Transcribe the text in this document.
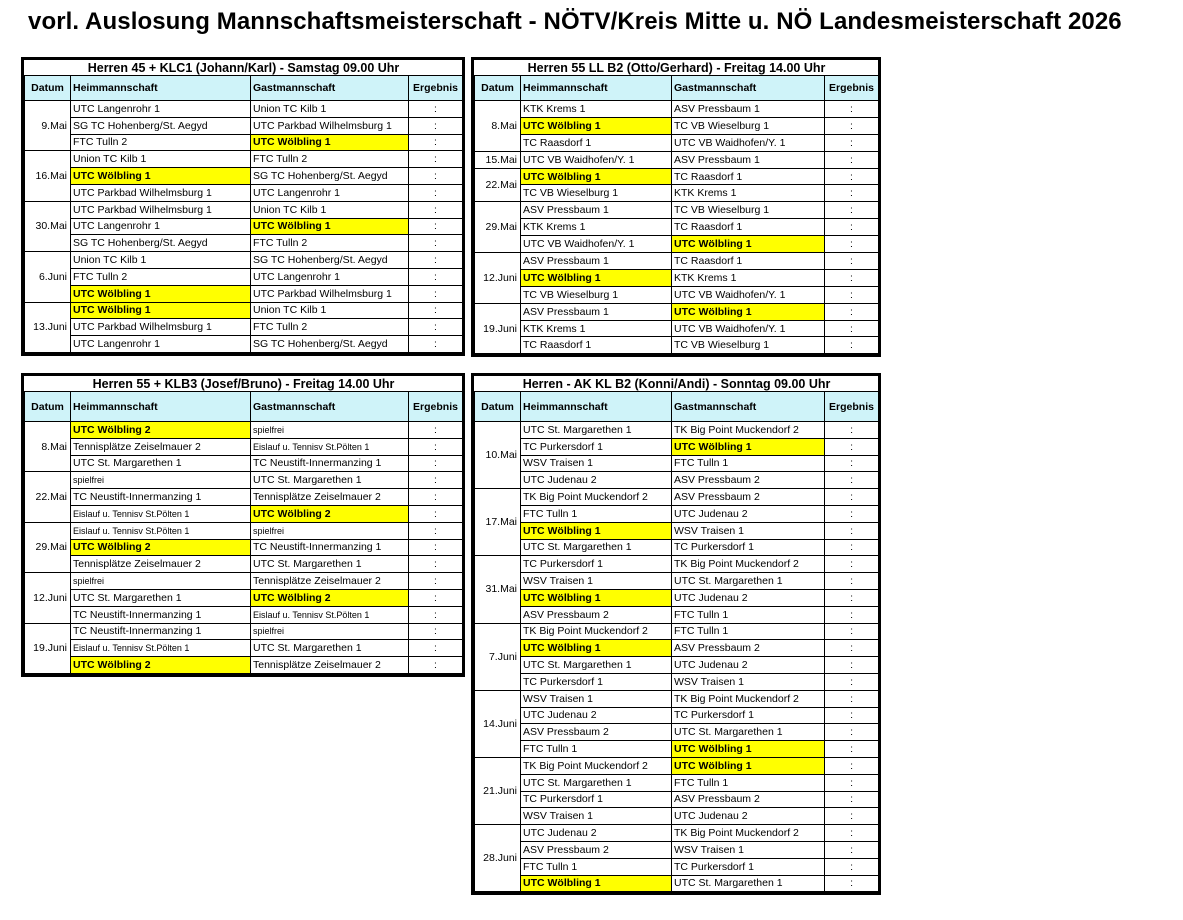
vorl. Auslosung Mannschaftsmeisterschaft - NÖTV/Kreis Mitte u. NÖ Landesmeisterschaft 2026
Herren 45 + KLC1 (Johann/Karl) - Samstag 09.00 Uhr			
Datum	Heimmannschaft	Gastmannschaft	Ergebnis
9.Mai	UTC Langenrohr 1	Union TC Kilb 1	:
	SG TC Hohenberg/St. Aegyd	UTC Parkbad Wilhelmsburg 1	:
	FTC Tulln 2	UTC Wölbling 1	:
16.Mai	Union TC Kilb 1	FTC Tulln 2	:
	UTC Wölbling 1	SG TC Hohenberg/St. Aegyd	:
	UTC Parkbad Wilhelmsburg 1	UTC Langenrohr 1	:
30.Mai	UTC Parkbad Wilhelmsburg 1	Union TC Kilb 1	:
	UTC Langenrohr 1	UTC Wölbling 1	:
	SG TC Hohenberg/St. Aegyd	FTC Tulln 2	:
6.Juni	Union TC Kilb 1	SG TC Hohenberg/St. Aegyd	:
	FTC Tulln 2	UTC Langenrohr 1	:
	UTC Wölbling 1	UTC Parkbad Wilhelmsburg 1	:
13.Juni	UTC Wölbling 1	Union TC Kilb 1	:
	UTC Parkbad Wilhelmsburg 1	FTC Tulln 2	:
	UTC Langenrohr 1	SG TC Hohenberg/St. Aegyd	:
Herren 55 LL B2 (Otto/Gerhard) - Freitag 14.00 Uhr			
Datum	Heimmannschaft	Gastmannschaft	Ergebnis
8.Mai	KTK Krems 1	ASV Pressbaum 1	:
	UTC Wölbling 1	TC VB Wieselburg 1	:
	TC Raasdorf 1	UTC VB Waidhofen/Y. 1	:
15.Mai	UTC VB Waidhofen/Y. 1	ASV Pressbaum 1	:
22.Mai	UTC Wölbling 1	TC Raasdorf 1	:
	TC VB Wieselburg 1	KTK Krems 1	:
29.Mai	ASV Pressbaum 1	TC VB Wieselburg 1	:
	KTK Krems 1	TC Raasdorf 1	:
	UTC VB Waidhofen/Y. 1	UTC Wölbling 1	:
12.Juni	ASV Pressbaum 1	TC Raasdorf 1	:
	UTC Wölbling 1	KTK Krems 1	:
	TC VB Wieselburg 1	UTC VB Waidhofen/Y. 1	:
19.Juni	ASV Pressbaum 1	UTC Wölbling 1	:
	KTK Krems 1	UTC VB Waidhofen/Y. 1	:
	TC Raasdorf 1	TC VB Wieselburg 1	:
Herren 55 + KLB3 (Josef/Bruno) - Freitag 14.00 Uhr			
Datum	Heimmannschaft	Gastmannschaft	Ergebnis
8.Mai	UTC Wölbling 2	spielfrei	:
	Tennisplätze Zeiselmauer 2	Eislauf u. Tennisv St.Pölten 1	:
	UTC St. Margarethen 1	TC Neustift-Innermanzing 1	:
22.Mai	spielfrei	UTC St. Margarethen 1	:
	TC Neustift-Innermanzing 1	Tennisplätze Zeiselmauer 2	:
	Eislauf u. Tennisv St.Pölten 1	UTC Wölbling 2	:
29.Mai	Eislauf u. Tennisv St.Pölten 1	spielfrei	:
	UTC Wölbling 2	TC Neustift-Innermanzing 1	:
	Tennisplätze Zeiselmauer 2	UTC St. Margarethen 1	:
12.Juni	spielfrei	Tennisplätze Zeiselmauer 2	:
	UTC St. Margarethen 1	UTC Wölbling 2	:
	TC Neustift-Innermanzing 1	Eislauf u. Tennisv St.Pölten 1	:
19.Juni	TC Neustift-Innermanzing 1	spielfrei	:
	Eislauf u. Tennisv St.Pölten 1	UTC St. Margarethen 1	:
	UTC Wölbling 2	Tennisplätze Zeiselmauer 2	:
Herren - AK KL B2 (Konni/Andi) - Sonntag 09.00 Uhr			
Datum	Heimmannschaft	Gastmannschaft	Ergebnis
10.Mai	UTC St. Margarethen 1	TK Big Point Muckendorf 2	:
	TC Purkersdorf 1	UTC Wölbling 1	:
	WSV Traisen 1	FTC Tulln 1	:
	UTC Judenau 2	ASV Pressbaum 2	:
17.Mai	TK Big Point Muckendorf 2	ASV Pressbaum 2	:
	FTC Tulln 1	UTC Judenau 2	:
	UTC Wölbling 1	WSV Traisen 1	:
	UTC St. Margarethen 1	TC Purkersdorf 1	:
31.Mai	TC Purkersdorf 1	TK Big Point Muckendorf 2	:
	WSV Traisen 1	UTC St. Margarethen 1	:
	UTC Wölbling 1	UTC Judenau 2	:
	ASV Pressbaum 2	FTC Tulln 1	:
7.Juni	TK Big Point Muckendorf 2	FTC Tulln 1	:
	UTC Wölbling 1	ASV Pressbaum 2	:
	UTC St. Margarethen 1	UTC Judenau 2	:
	TC Purkersdorf 1	WSV Traisen 1	:
14.Juni	WSV Traisen 1	TK Big Point Muckendorf 2	:
	UTC Judenau 2	TC Purkersdorf 1	:
	ASV Pressbaum 2	UTC St. Margarethen 1	:
	FTC Tulln 1	UTC Wölbling 1	:
21.Juni	TK Big Point Muckendorf 2	UTC Wölbling 1	:
	UTC St. Margarethen 1	FTC Tulln 1	:
	TC Purkersdorf 1	ASV Pressbaum 2	:
	WSV Traisen 1	UTC Judenau 2	:
28.Juni	UTC Judenau 2	TK Big Point Muckendorf 2	:
	ASV Pressbaum 2	WSV Traisen 1	:
	FTC Tulln 1	TC Purkersdorf 1	:
	UTC Wölbling 1	UTC St. Margarethen 1	:
